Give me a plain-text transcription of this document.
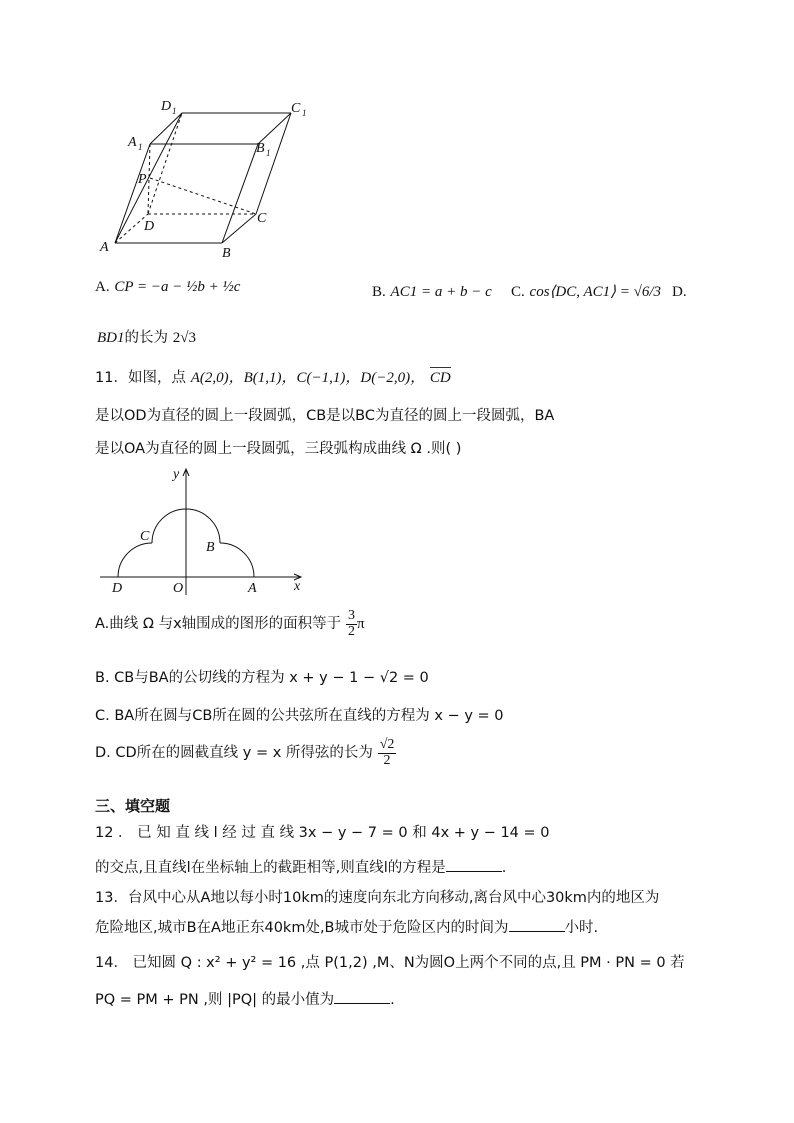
D 1	C 1
A 1	B 1
P
D
C
A	B
A. CP = −a − ½b + ½c	B. AC1 = a + b − c C. cos⟨DC, AC1⟩ = √6/3 D.
BD1的长为 2√3
11．如图，点 A(2,0)，B(1,1)，C(−1,1)，D(−2,0)， CD
是以OD为直径的圆上一段圆弧，CB是以BC为直径的圆上一段圆弧，BA
是以OA为直径的圆上一段圆弧，三段弧构成曲线 Ω .则( )
y
x
O	A
B
C
D
A.曲线 Ω 与x轴围成的图形的面积等于 $\frac{3}{2}$ π
B. CB与BA的公切线的方程为 x + y − 1 − √2 = 0
C. BA所在圆与CB所在圆的公共弦所在直线的方程为 x − y = 0
D. CD所在的圆截直线 y = x 所得弦的长为 $\frac{√2}{2}$
三、填空题
12 ． 已 知 直 线 l 经 过 直 线 3x − y − 7 = 0 和 4x + y − 14 = 0
的交点,且直线l在坐标轴上的截距相等,则直线l的方程是	.
13．台风中心从A地以每小时10km的速度向东北方向移动,离台风中心30km内的地区为
危险地区,城市B在A地正东40km处,B城市处于危险区内的时间为	小时.
14． 已知圆 Q : x² + y² = 16 ,点 P(1,2) ,M、N为圆O上两个不同的点,且 PM · PN = 0 若
PQ = PM + PN ,则 |PQ| 的最小值为	.
